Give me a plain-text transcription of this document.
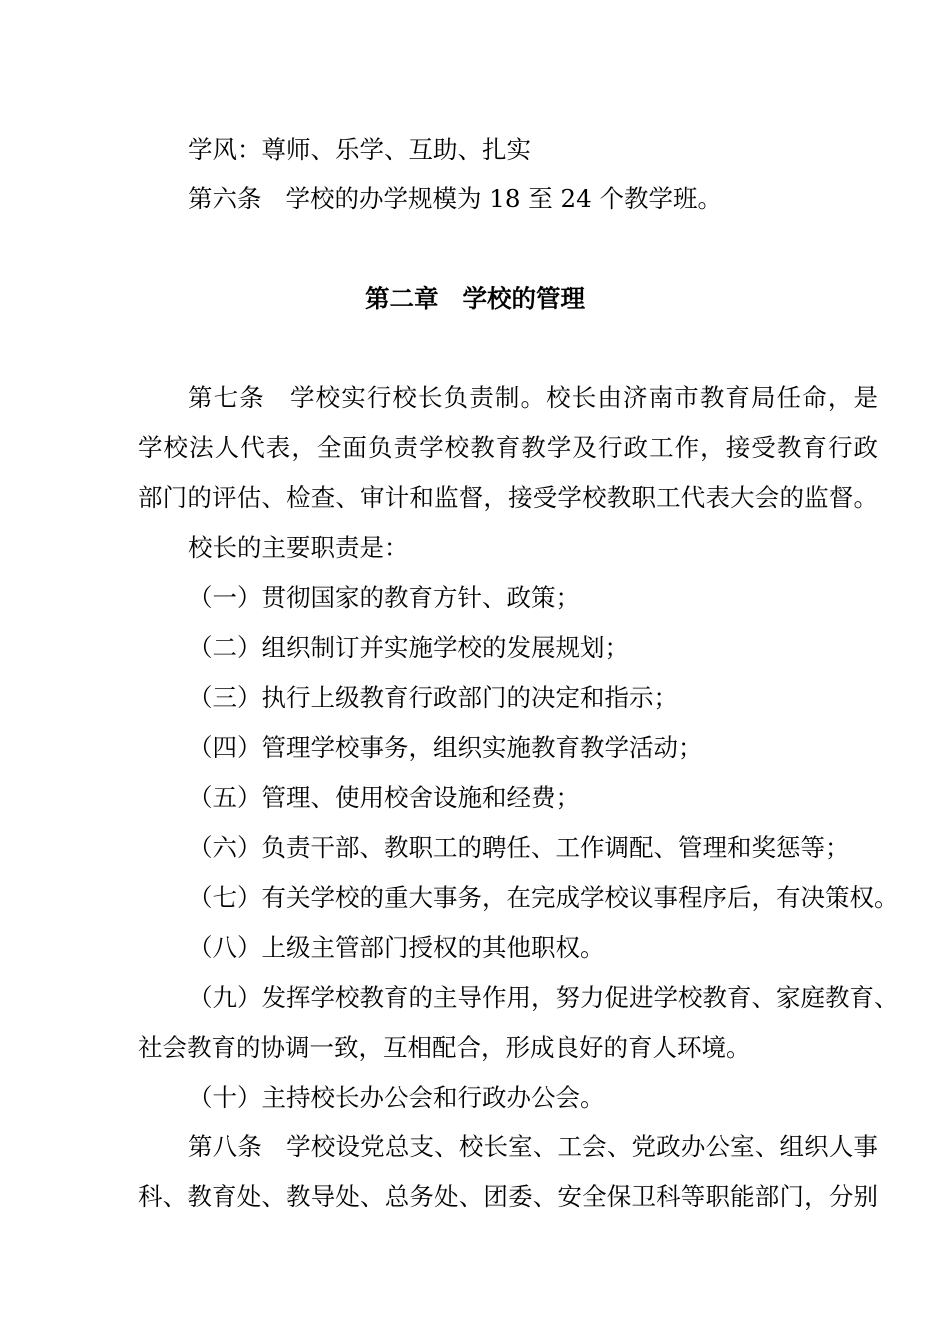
学风：尊师、乐学、互助、扎实
第六条 学校的办学规模为 18 至 24 个教学班。
第二章 学校的管理
第七条 学校实行校长负责制。校长由济南市教育局任命，是
学校法人代表，全面负责学校教育教学及行政工作，接受教育行政
部门的评估、检查、审计和监督，接受学校教职工代表大会的监督。
校长的主要职责是：
（一）贯彻国家的教育方针、政策；
（二）组织制订并实施学校的发展规划；
（三）执行上级教育行政部门的决定和指示；
（四）管理学校事务，组织实施教育教学活动；
（五）管理、使用校舍设施和经费；
（六）负责干部、教职工的聘任、工作调配、管理和奖惩等；
（七）有关学校的重大事务，在完成学校议事程序后，有决策权。
（八）上级主管部门授权的其他职权。
（九）发挥学校教育的主导作用，努力促进学校教育、家庭教育、
社会教育的协调一致，互相配合，形成良好的育人环境。
（十）主持校长办公会和行政办公会。
第八条 学校设党总支、校长室、工会、党政办公室、组织人事
科、教育处、教导处、总务处、团委、安全保卫科等职能部门，分别
